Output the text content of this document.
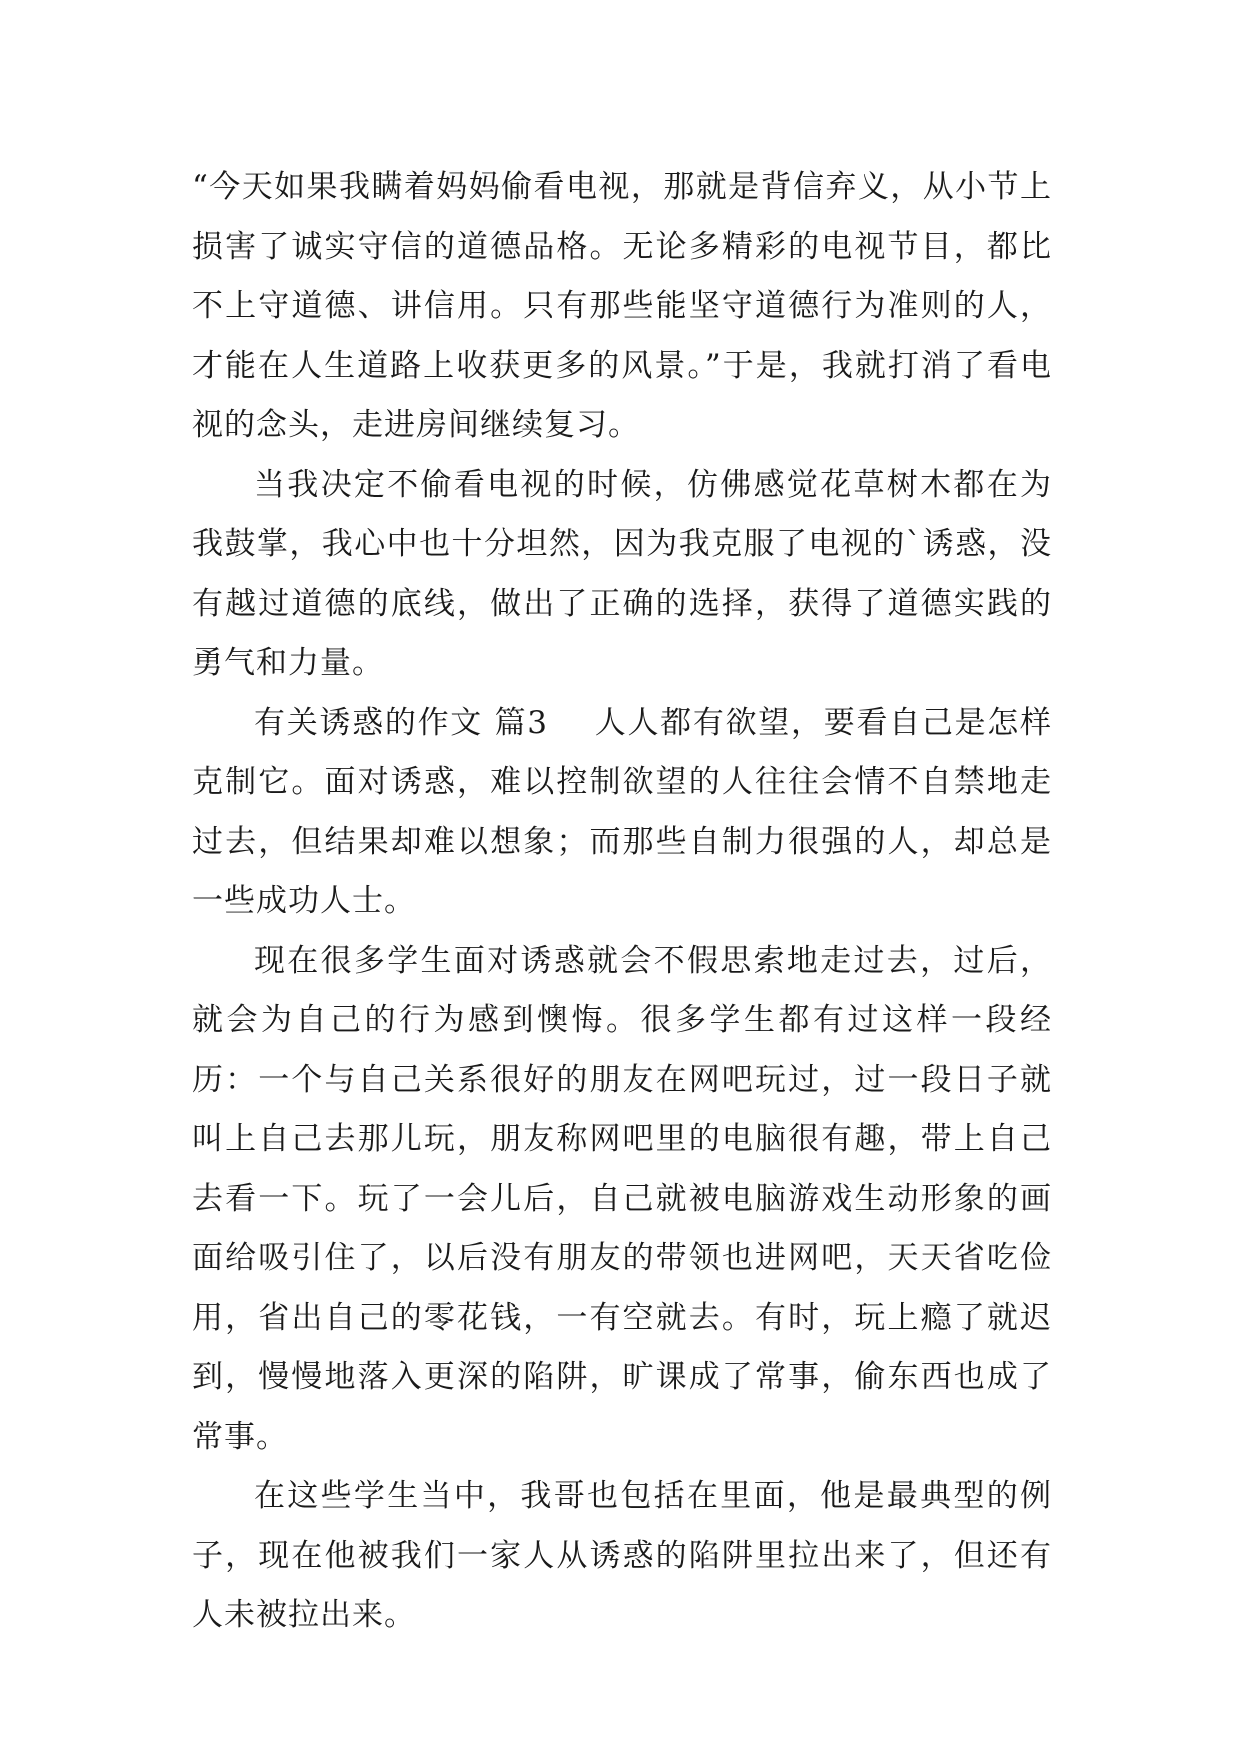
“今天如果我瞒着妈妈偷看电视，那就是背信弃义，从小节上损害了诚实守信的道德品格。无论多精彩的电视节目，都比不上守道德、讲信用。只有那些能坚守道德行为准则的人，才能在人生道路上收获更多的风景。”于是，我就打消了看电视的念头，走进房间继续复习。

当我决定不偷看电视的时候，仿佛感觉花草树木都在为我鼓掌，我心中也十分坦然，因为我克服了电视的`诱惑，没有越过道德的底线，做出了正确的选择，获得了道德实践的勇气和力量。

有关诱惑的作文 篇3 人人都有欲望，要看自己是怎样克制它。面对诱惑，难以控制欲望的人往往会情不自禁地走过去，但结果却难以想象；而那些自制力很强的人，却总是一些成功人士。

现在很多学生面对诱惑就会不假思索地走过去，过后，就会为自己的行为感到懊悔。很多学生都有过这样一段经历：一个与自己关系很好的朋友在网吧玩过，过一段日子就叫上自己去那儿玩，朋友称网吧里的电脑很有趣，带上自己去看一下。玩了一会儿后，自己就被电脑游戏生动形象的画面给吸引住了，以后没有朋友的带领也进网吧，天天省吃俭用，省出自己的零花钱，一有空就去。有时，玩上瘾了就迟到，慢慢地落入更深的陷阱，旷课成了常事，偷东西也成了常事。

在这些学生当中，我哥也包括在里面，他是最典型的例子，现在他被我们一家人从诱惑的陷阱里拉出来了，但还有人未被拉出来。
